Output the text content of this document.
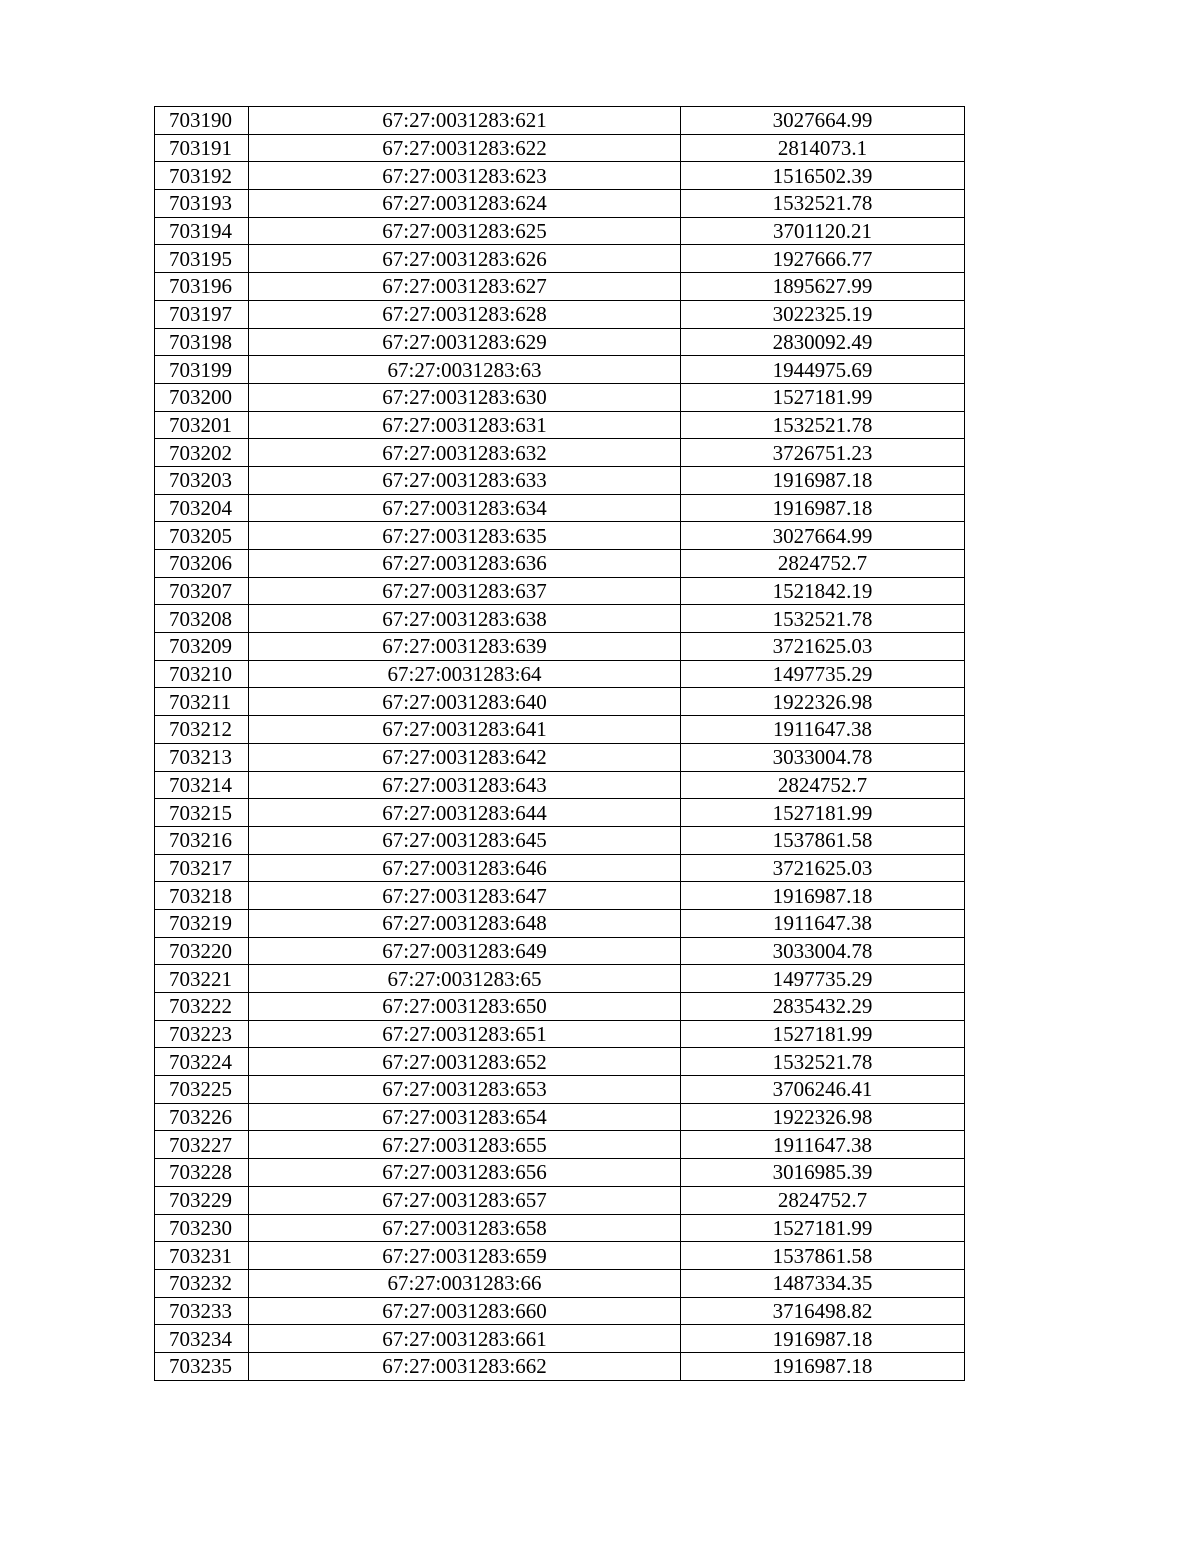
703190	67:27:0031283:621	3027664.99
703191	67:27:0031283:622	2814073.1
703192	67:27:0031283:623	1516502.39
703193	67:27:0031283:624	1532521.78
703194	67:27:0031283:625	3701120.21
703195	67:27:0031283:626	1927666.77
703196	67:27:0031283:627	1895627.99
703197	67:27:0031283:628	3022325.19
703198	67:27:0031283:629	2830092.49
703199	67:27:0031283:63	1944975.69
703200	67:27:0031283:630	1527181.99
703201	67:27:0031283:631	1532521.78
703202	67:27:0031283:632	3726751.23
703203	67:27:0031283:633	1916987.18
703204	67:27:0031283:634	1916987.18
703205	67:27:0031283:635	3027664.99
703206	67:27:0031283:636	2824752.7
703207	67:27:0031283:637	1521842.19
703208	67:27:0031283:638	1532521.78
703209	67:27:0031283:639	3721625.03
703210	67:27:0031283:64	1497735.29
703211	67:27:0031283:640	1922326.98
703212	67:27:0031283:641	1911647.38
703213	67:27:0031283:642	3033004.78
703214	67:27:0031283:643	2824752.7
703215	67:27:0031283:644	1527181.99
703216	67:27:0031283:645	1537861.58
703217	67:27:0031283:646	3721625.03
703218	67:27:0031283:647	1916987.18
703219	67:27:0031283:648	1911647.38
703220	67:27:0031283:649	3033004.78
703221	67:27:0031283:65	1497735.29
703222	67:27:0031283:650	2835432.29
703223	67:27:0031283:651	1527181.99
703224	67:27:0031283:652	1532521.78
703225	67:27:0031283:653	3706246.41
703226	67:27:0031283:654	1922326.98
703227	67:27:0031283:655	1911647.38
703228	67:27:0031283:656	3016985.39
703229	67:27:0031283:657	2824752.7
703230	67:27:0031283:658	1527181.99
703231	67:27:0031283:659	1537861.58
703232	67:27:0031283:66	1487334.35
703233	67:27:0031283:660	3716498.82
703234	67:27:0031283:661	1916987.18
703235	67:27:0031283:662	1916987.18
